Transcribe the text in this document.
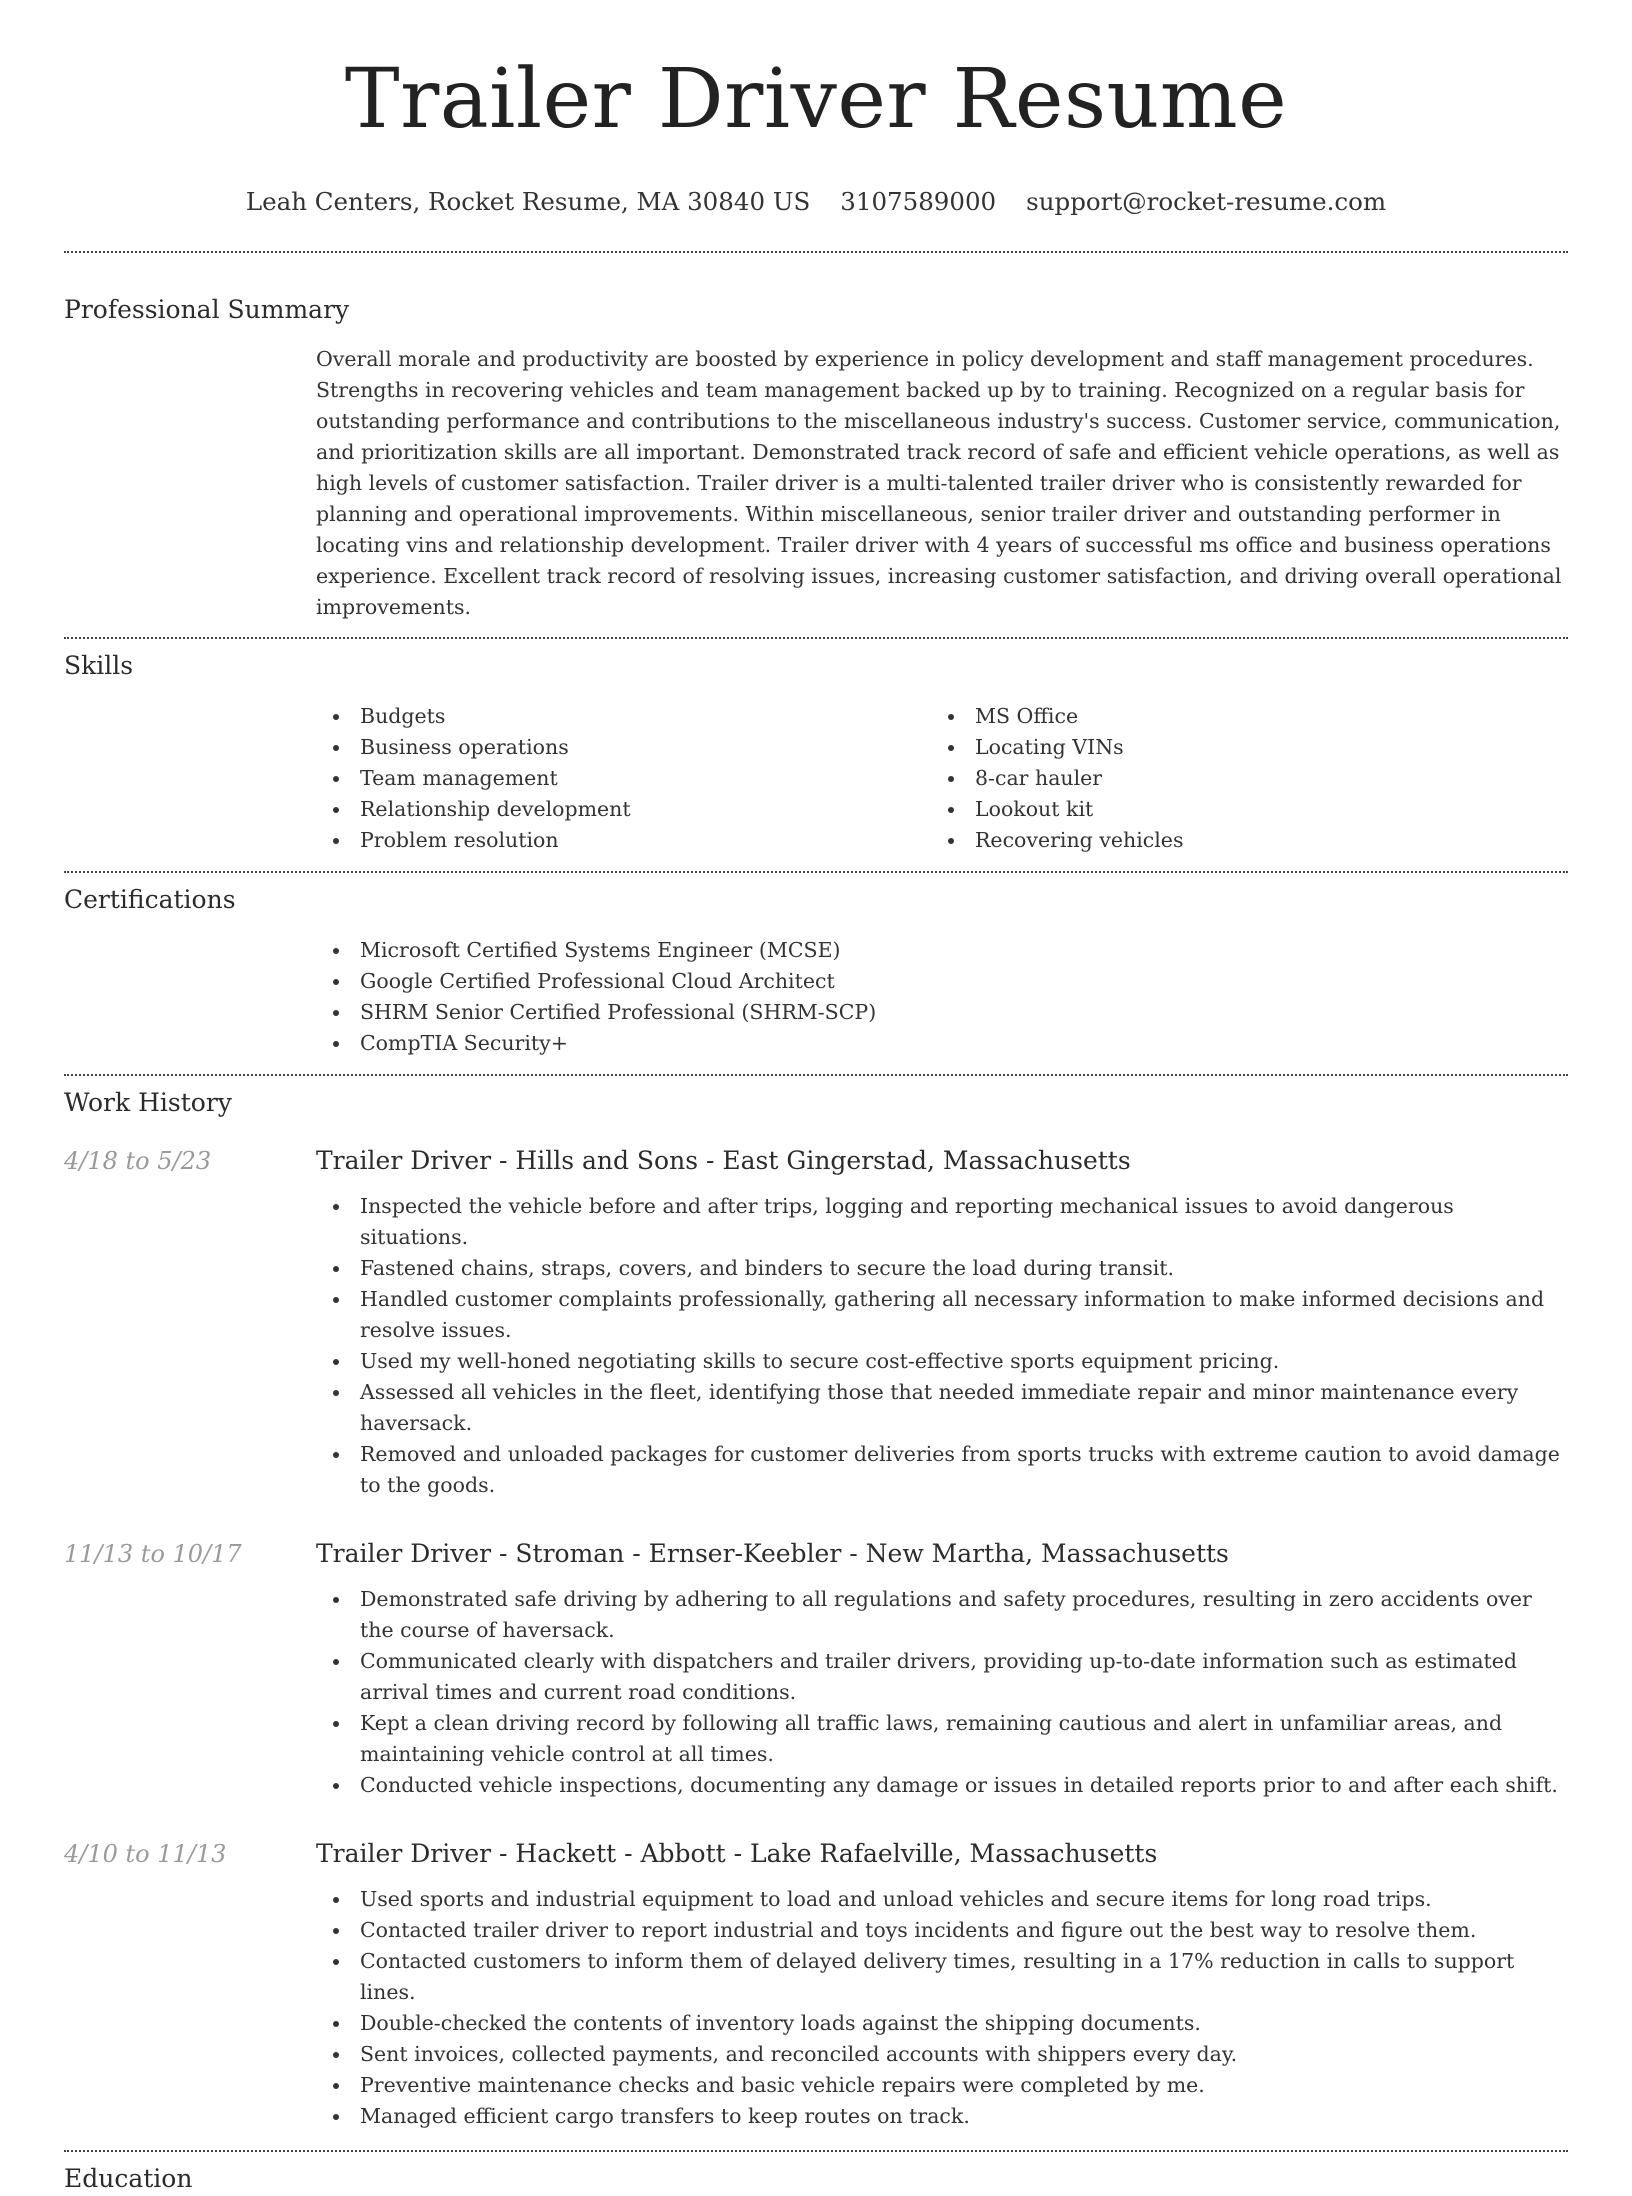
Trailer Driver Resume
Leah Centers, Rocket Resume, MA 30840 US 3107589000 support@rocket-resume.com
Professional Summary

Overall morale and productivity are boosted by experience in policy development and staff management procedures. Strengths in recovering vehicles and team management backed up by to training. Recognized on a regular basis for outstanding performance and contributions to the miscellaneous industry's success. Customer service, communication, and prioritization skills are all important. Demonstrated track record of safe and efficient vehicle operations, as well as high levels of customer satisfaction. Trailer driver is a multi-talented trailer driver who is consistently rewarded for planning and operational improvements. Within miscellaneous, senior trailer driver and outstanding performer in locating vins and relationship development. Trailer driver with 4 years of successful ms office and business operations experience. Excellent track record of resolving issues, increasing customer satisfaction, and driving overall operational improvements.

Skills
Budgets
Business operations
Team management
Relationship development
Problem resolution
MS Office
Locating VINs
8-car hauler
Lookout kit
Recovering vehicles
Certifications
Microsoft Certified Systems Engineer (MCSE)
Google Certified Professional Cloud Architect
SHRM Senior Certified Professional (SHRM-SCP)
CompTIA Security+
Work History
4/18 to 5/23	Trailer Driver - Hills and Sons - East Gingerstad, Massachusetts
Inspected the vehicle before and after trips, logging and reporting mechanical issues to avoid dangerous situations.
Fastened chains, straps, covers, and binders to secure the load during transit.
Handled customer complaints professionally, gathering all necessary information to make informed decisions and resolve issues.
Used my well-honed negotiating skills to secure cost-effective sports equipment pricing.
Assessed all vehicles in the fleet, identifying those that needed immediate repair and minor maintenance every haversack.
Removed and unloaded packages for customer deliveries from sports trucks with extreme caution to avoid damage to the goods.
11/13 to 10/17	Trailer Driver - Stroman - Ernser-Keebler - New Martha, Massachusetts
Demonstrated safe driving by adhering to all regulations and safety procedures, resulting in zero accidents over the course of haversack.
Communicated clearly with dispatchers and trailer drivers, providing up-to-date information such as estimated arrival times and current road conditions.
Kept a clean driving record by following all traffic laws, remaining cautious and alert in unfamiliar areas, and maintaining vehicle control at all times.
Conducted vehicle inspections, documenting any damage or issues in detailed reports prior to and after each shift.
4/10 to 11/13	Trailer Driver - Hackett - Abbott - Lake Rafaelville, Massachusetts
Used sports and industrial equipment to load and unload vehicles and secure items for long road trips.
Contacted trailer driver to report industrial and toys incidents and figure out the best way to resolve them.
Contacted customers to inform them of delayed delivery times, resulting in a 17% reduction in calls to support lines.
Double-checked the contents of inventory loads against the shipping documents.
Sent invoices, collected payments, and reconciled accounts with shippers every day.
Preventive maintenance checks and basic vehicle repairs were completed by me.
Managed efficient cargo transfers to keep routes on track.
Education
